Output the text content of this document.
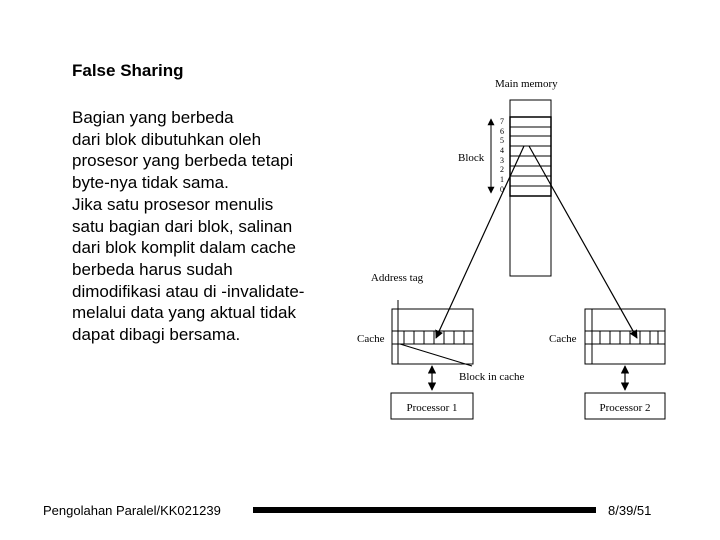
False Sharing
Bagian yang berbeda
dari blok dibutuhkan oleh
prosesor yang berbeda tetapi
byte-nya tidak sama.
Jika satu prosesor menulis
satu bagian dari blok, salinan
dari blok komplit dalam cache
berbeda harus sudah
dimodifikasi atau di -invalidate-
melalui data yang aktual tidak
dapat dibagi bersama.
Main memory
7
6
5
4
3
2
1
0
Block
Address tag
Cache
Block in cache
Cache
Processor 1	Processor 2
Pengolahan Paralel/KK021239	8/39/51
